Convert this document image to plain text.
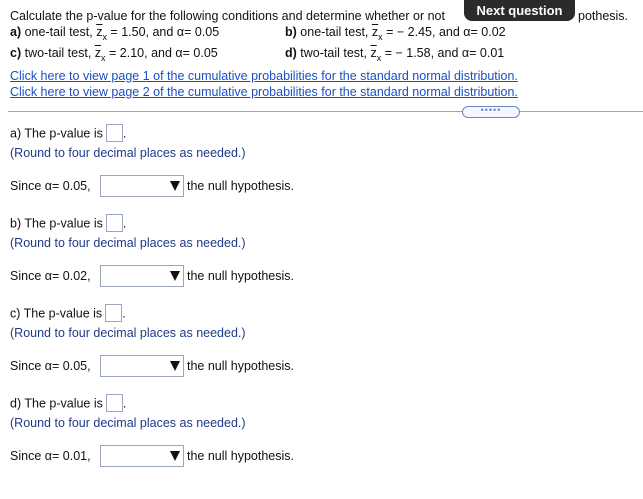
Calculate the p-value for the following conditions and determine whether or not	pothesis.
Next question
a) one-tail test, $\overline{z}_x = 1.50$, and α= 0.05	b) one-tail test, $\overline{z}_x$ = − 2.45, and α= 0.02
c) two-tail test, $\overline{z}_x = 2.10$, and α= 0.05	d) two-tail test, $\overline{z}_x$ = − 1.58, and α= 0.01
Click here to view page 1 of the cumulative probabilities for the standard normal distribution.
Click here to view page 2 of the cumulative probabilities for the standard normal distribution.
•••••
a) The p-value is .
(Round to four decimal places as needed.)
Since α= 0.05,	the null hypothesis.
b) The p-value is .
(Round to four decimal places as needed.)
Since α= 0.02,	the null hypothesis.
c) The p-value is .
(Round to four decimal places as needed.)
Since α= 0.05,	the null hypothesis.
d) The p-value is .
(Round to four decimal places as needed.)
Since α= 0.01,	the null hypothesis.
